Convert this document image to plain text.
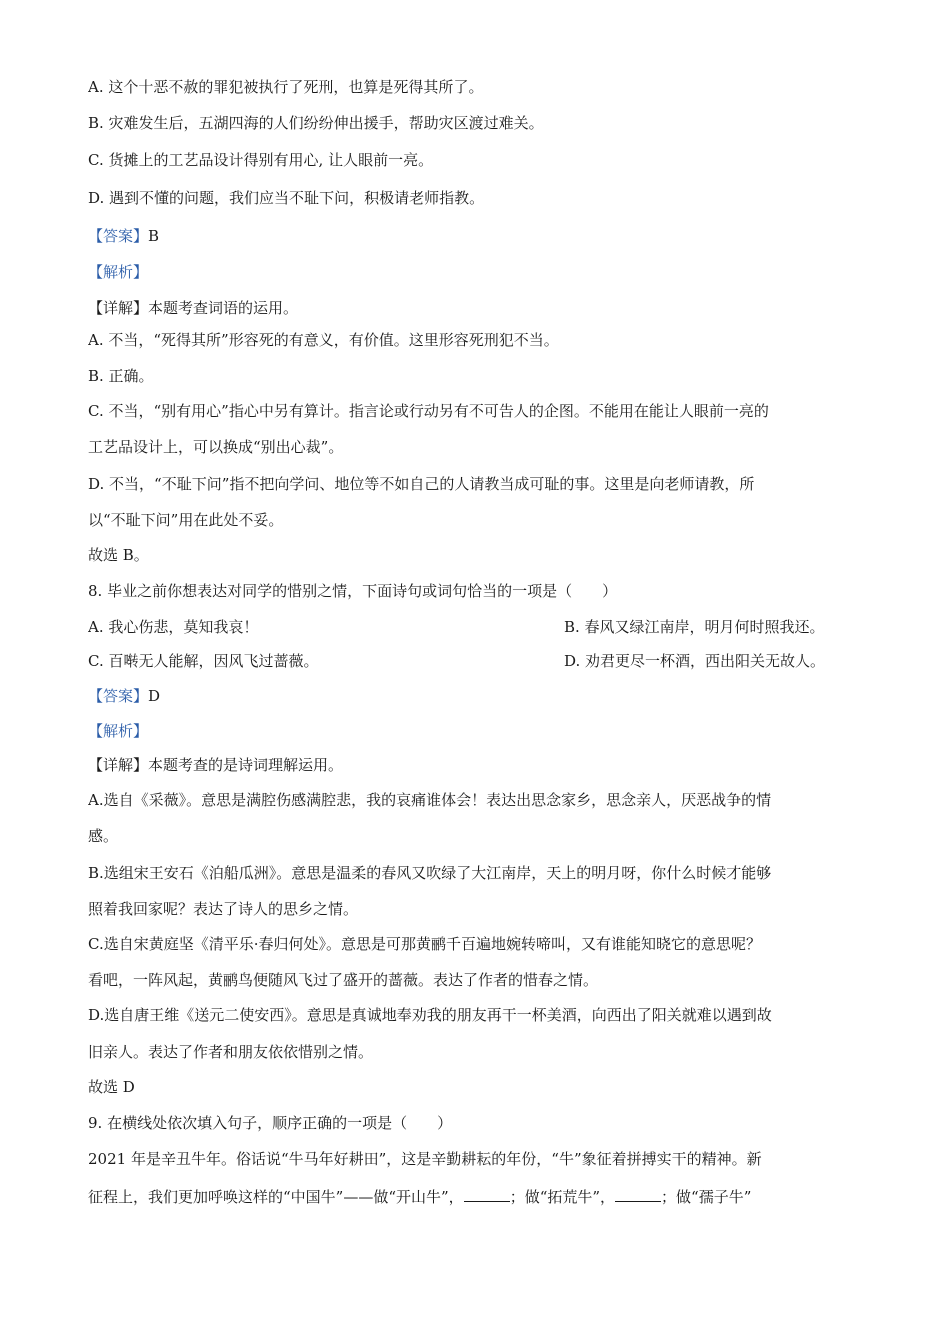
A. 这个十恶不赦的罪犯被执行了死刑，也算是死得其所了。
B. 灾难发生后，五湖四海的人们纷纷伸出援手，帮助灾区渡过难关。
C. 货摊上的工艺品设计得别有用心, 让人眼前一亮。
D. 遇到不懂的问题，我们应当不耻下问，积极请老师指教。
【答案】B
【解析】
【详解】本题考查词语的运用。
A. 不当，“死得其所”形容死的有意义，有价值。这里形容死刑犯不当。
B. 正确。
C. 不当，“别有用心”指心中另有算计。指言论或行动另有不可告人的企图。不能用在能让人眼前一亮的
工艺品设计上，可以换成“别出心裁”。
D. 不当，“不耻下问”指不把向学问、地位等不如自己的人请教当成可耻的事。这里是向老师请教，所
以“不耻下问”用在此处不妥。
故选 B。
8. 毕业之前你想表达对同学的惜别之情，下面诗句或词句恰当的一项是（　　）
A. 我心伤悲，莫知我哀！	B. 春风又绿江南岸，明月何时照我还。
C. 百啭无人能解，因风飞过蔷薇。	D. 劝君更尽一杯酒，西出阳关无故人。
【答案】D
【解析】
【详解】本题考查的是诗词理解运用。
A.选自《采薇》。意思是满腔伤感满腔悲，我的哀痛谁体会！表达出思念家乡，思念亲人，厌恶战争的情
感。
B.选组宋王安石《泊船瓜洲》。意思是温柔的春风又吹绿了大江南岸，天上的明月呀，你什么时候才能够
照着我回家呢？表达了诗人的思乡之情。
C.选自宋黄庭坚《清平乐·春归何处》。意思是可那黄鹂千百遍地婉转啼叫，又有谁能知晓它的意思呢？
看吧，一阵风起，黄鹂鸟便随风飞过了盛开的蔷薇。表达了作者的惜春之情。
D.选自唐王维《送元二使安西》。意思是真诚地奉劝我的朋友再干一杯美酒，向西出了阳关就难以遇到故
旧亲人。表达了作者和朋友依依惜别之情。
故选 D
9. 在横线处依次填入句子，顺序正确的一项是（　　）
2021 年是辛丑牛年。俗话说“牛马年好耕田”，这是辛勤耕耘的年份，“牛”象征着拼搏实干的精神。新
征程上，我们更加呼唤这样的“中国牛”——做“开山牛”，	；做“拓荒牛”，	；做“孺子牛”
